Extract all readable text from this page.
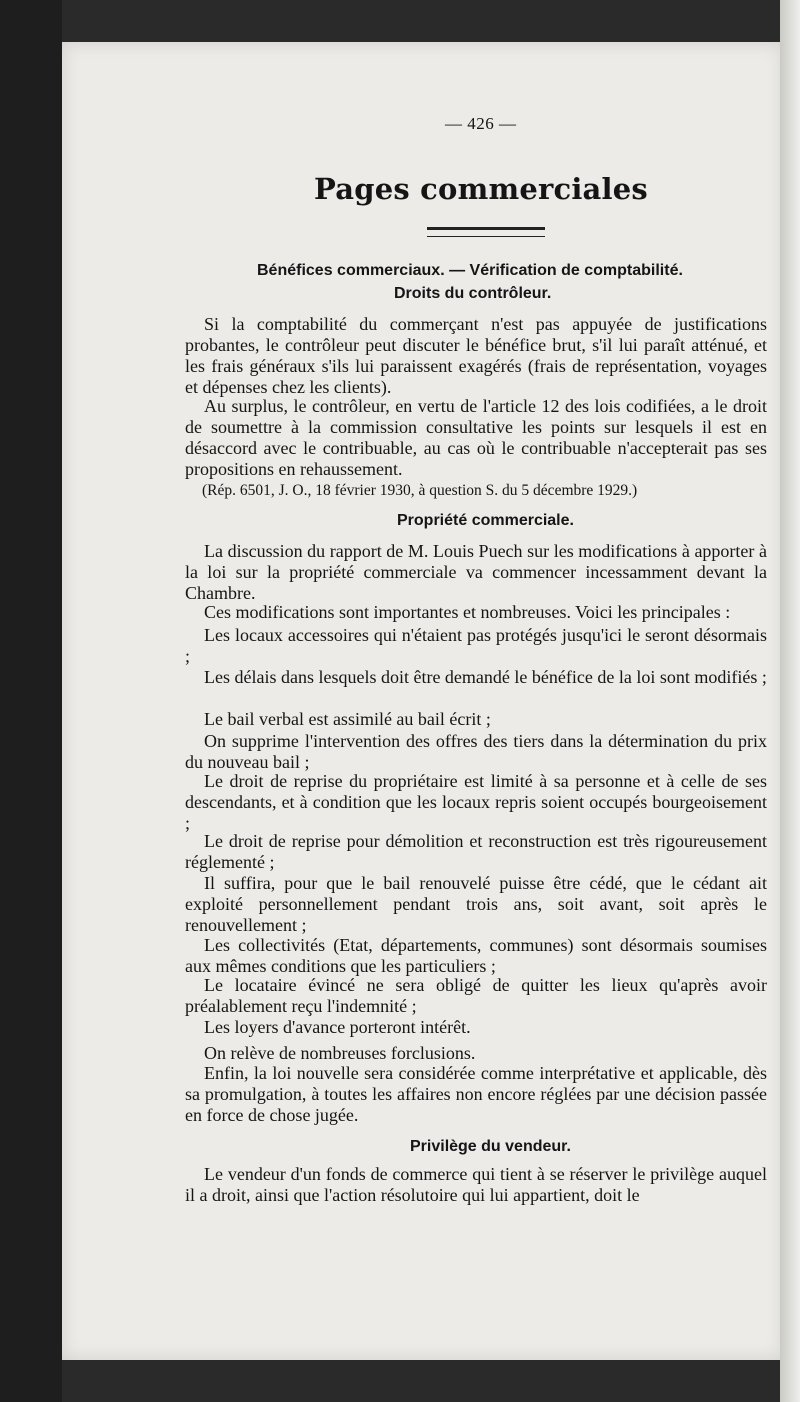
— 426 —
Pages commerciales
Bénéfices commerciaux. — Vérification de comptabilité.
Droits du contrôleur.
Si la comptabilité du commerçant n'est pas appuyée de justifications probantes, le contrôleur peut discuter le bénéfice brut, s'il lui paraît atténué, et les frais généraux s'ils lui paraissent exagérés (frais de représentation, voyages et dépenses chez les clients).
Au surplus, le contrôleur, en vertu de l'article 12 des lois codifiées, a le droit de soumettre à la commission consultative les points sur lesquels il est en désaccord avec le contribuable, au cas où le contribuable n'accepterait pas ses propositions en rehaussement.
(Rép. 6501, J. O., 18 février 1930, à question S. du 5 décembre 1929.)
Propriété commerciale.
La discussion du rapport de M. Louis Puech sur les modifications à apporter à la loi sur la propriété commerciale va commencer incessamment devant la Chambre.
Ces modifications sont importantes et nombreuses. Voici les principales :
Les locaux accessoires qui n'étaient pas protégés jusqu'ici le seront désormais ;
Les délais dans lesquels doit être demandé le bénéfice de la loi sont modifiés ;
Le bail verbal est assimilé au bail écrit ;
On supprime l'intervention des offres des tiers dans la détermination du prix du nouveau bail ;
Le droit de reprise du propriétaire est limité à sa personne et à celle de ses descendants, et à condition que les locaux repris soient occupés bourgeoisement ;
Le droit de reprise pour démolition et reconstruction est très rigoureusement réglementé ;
Il suffira, pour que le bail renouvelé puisse être cédé, que le cédant ait exploité personnellement pendant trois ans, soit avant, soit après le renouvellement ;
Les collectivités (Etat, départements, communes) sont désormais soumises aux mêmes conditions que les particuliers ;
Le locataire évincé ne sera obligé de quitter les lieux qu'après avoir préalablement reçu l'indemnité ;
Les loyers d'avance porteront intérêt.
On relève de nombreuses forclusions.
Enfin, la loi nouvelle sera considérée comme interprétative et applicable, dès sa promulgation, à toutes les affaires non encore réglées par une décision passée en force de chose jugée.
Privilège du vendeur.
Le vendeur d'un fonds de commerce qui tient à se réserver le privilège auquel il a droit, ainsi que l'action résolutoire qui lui appartient, doit le
